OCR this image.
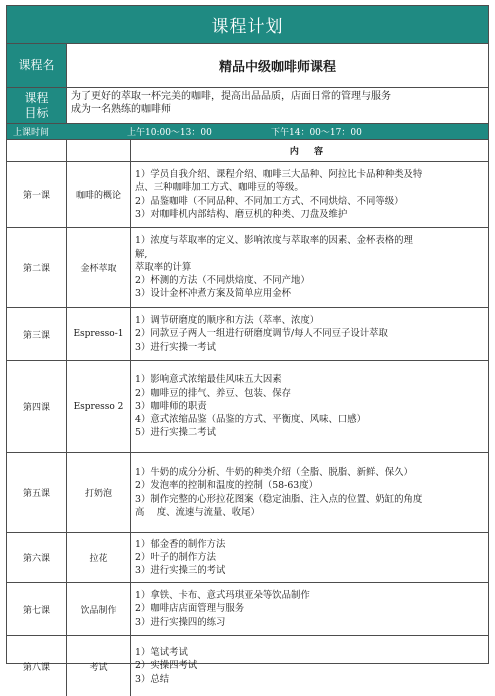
课程计划
课程名	精品中级咖啡师课程
课程
目标
为了更好的萃取一杯完美的咖啡，提高出品品质，店面日常的管理与服务
成为一名熟练的咖啡师
上课时间	上午10:00～13：00	下午14：00～17：00
内 容
第一课	咖啡的概论
1）学员自我介绍、课程介绍、咖啡三大品种、阿拉比卡品种种类及特
点、三种咖啡加工方式、咖啡豆的等级。
2）品鉴咖啡（不同品种、不同加工方式、不同烘焙、不同等级）
3）对咖啡机内部结构、磨豆机的种类、刀盘及维护
第二课	金杯萃取
1）浓度与萃取率的定义、影响浓度与萃取率的因素、金杯表格的理
解,
萃取率的计算
2）杯测的方法（不同烘焙度、不同产地）
3）设计金杯冲煮方案及简单应用金杯
第三课	Espresso-1
1）调节研磨度的顺序和方法（萃率、浓度）
2）同款豆子两人一组进行研磨度调节/每人不同豆子设计萃取
3）进行实操一考试
第四课	Espresso 2
1）影响意式浓缩最佳风味五大因素
2）咖啡豆的排气、养豆、包装、保存
3）咖啡师的职责
4）意式浓缩品鉴（品鉴的方式、平衡度、风味、口感）
5）进行实操二考试
第五课	打奶泡
1）牛奶的成分分析、牛奶的种类介绍（全脂、脱脂、新鲜、保久）
2）发泡率的控制和温度的控制（58-63度）
3）制作完整的心形拉花图案（稳定油脂、注入点的位置、奶缸的角度
高　 度、流速与流量、收尾）
第六课	拉花
1）郁金香的制作方法
2）叶子的制作方法
3）进行实操三的考试
第七课	饮品制作
1）拿铁、卡布、意式玛琪亚朵等饮品制作
2）咖啡店店面管理与服务
3）进行实操四的练习
第八课	考试
1）笔试考试
2）实操四考试
3）总结
